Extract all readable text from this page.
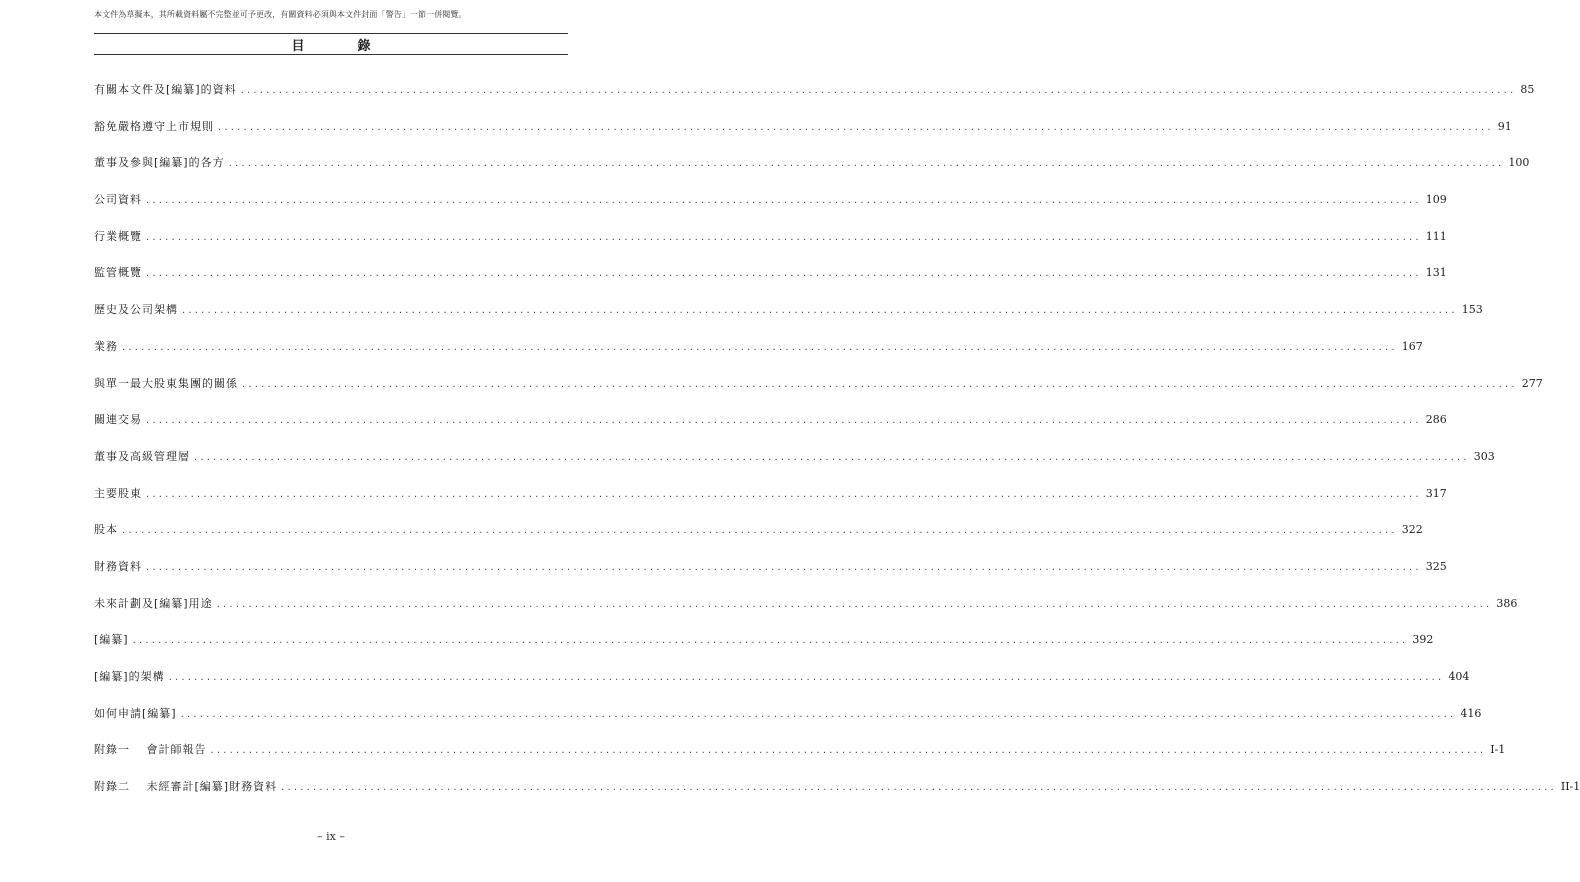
本文件為草擬本，其所載資料屬不完整並可予更改，有關資料必須與本文件封面「警告」一節一併閱覽。
目　錄
有關本文件及[編纂]的資料 ........................................................................................................................................................................................................ 85
豁免嚴格遵守上市規則 ........................................................................................................................................................................................................ 91
董事及參與[編纂]的各方 ........................................................................................................................................................................................................ 100
公司資料 ........................................................................................................................................................................................................ 109
行業概覽 ........................................................................................................................................................................................................ 111
監管概覽 ........................................................................................................................................................................................................ 131
歷史及公司架構 ........................................................................................................................................................................................................ 153
業務 ........................................................................................................................................................................................................ 167
與單一最大股東集團的關係 ........................................................................................................................................................................................................ 277
關連交易 ........................................................................................................................................................................................................ 286
董事及高級管理層 ........................................................................................................................................................................................................ 303
主要股東 ........................................................................................................................................................................................................ 317
股本 ........................................................................................................................................................................................................ 322
財務資料 ........................................................................................................................................................................................................ 325
未來計劃及[編纂]用途 ........................................................................................................................................................................................................ 386
[編纂] ........................................................................................................................................................................................................ 392
[編纂]的架構 ........................................................................................................................................................................................................ 404
如何申請[編纂] ........................................................................................................................................................................................................ 416
附錄一　 會計師報告 ........................................................................................................................................................................................................ I-1
附錄二　 未經審計[編纂]財務資料 ........................................................................................................................................................................................................ II-1
– ix –
